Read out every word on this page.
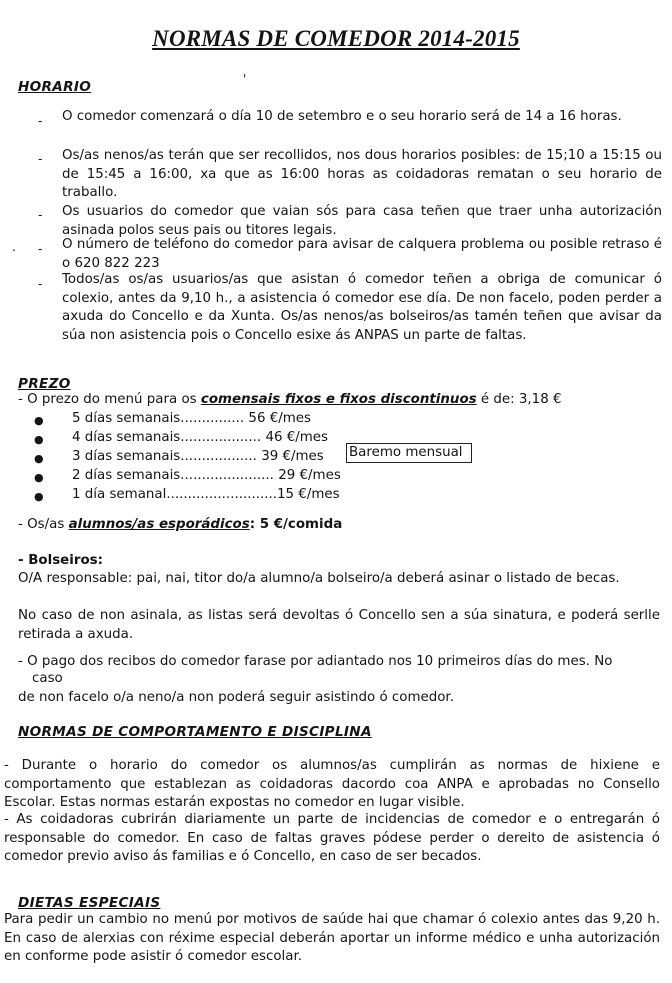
NORMAS DE COMEDOR 2014-2015
HORARIO
- O comedor comenzará o día 10 de setembro e o seu horario será de 14 a 16 horas.
- Os/as nenos/as terán que ser recollidos, nos dous horarios posibles: de 15;10 a 15:15 ou de 15:45 a 16:00, xa que as 16:00 horas as coidadoras rematan o seu horario de traballo.
- Os usuarios do comedor que vaian sós para casa teñen que traer unha autorización asinada polos seus pais ou titores legais.
. - O número de teléfono do comedor para avisar de calquera problema ou posible retraso é o 620 822 223
- Todos/as os/as usuarios/as que asistan ó comedor teñen a obriga de comunicar ó colexio, antes da 9,10 h., a asistencia ó comedor ese día. De non facelo, poden perder a axuda do Concello e da Xunta. Os/as nenos/as bolseiros/as tamén teñen que avisar da súa non asistencia pois o Concello esixe ás ANPAS un parte de faltas.
PREZO
- O prezo do menú para os comensais fixos e fixos discontinuos é de: 3,18 €
● 5 días semanais............... 56 €/mes
● 4 días semanais................... 46 €/mes
● 3 días semanais.................. 39 €/mes Baremo mensual
● 2 días semanais...................... 29 €/mes
● 1 día semanal..........................15 €/mes
- Os/as alumnos/as esporádicos: 5 €/comida
- Bolseiros:
O/A responsable: pai, nai, titor do/a alumno/a bolseiro/a deberá asinar o listado de becas.
No caso de non asinala, as listas será devoltas ó Concello sen a súa sinatura, e poderá serlle retirada a axuda.
- O pago dos recibos do comedor farase por adiantado nos 10 primeiros días do mes. No
caso
de non facelo o/a neno/a non poderá seguir asistindo ó comedor.
NORMAS DE COMPORTAMENTO E DISCIPLINA
- Durante o horario do comedor os alumnos/as cumplirán as normas de hixiene e comportamento que establezan as coidadoras dacordo coa ANPA e aprobadas no Consello Escolar. Estas normas estarán expostas no comedor en lugar visible.
- As coidadoras cubrirán diariamente un parte de incidencias de comedor e o entregarán ó responsable do comedor. En caso de faltas graves pódese perder o dereito de asistencia ó comedor previo aviso ás familias e ó Concello, en caso de ser becados.
DIETAS ESPECIAIS
Para pedir un cambio no menú por motivos de saúde hai que chamar ó colexio antes das 9,20 h. En caso de alerxias con réxime especial deberán aportar un informe médico e unha autorización en conforme pode asistir ó comedor escolar.
'
